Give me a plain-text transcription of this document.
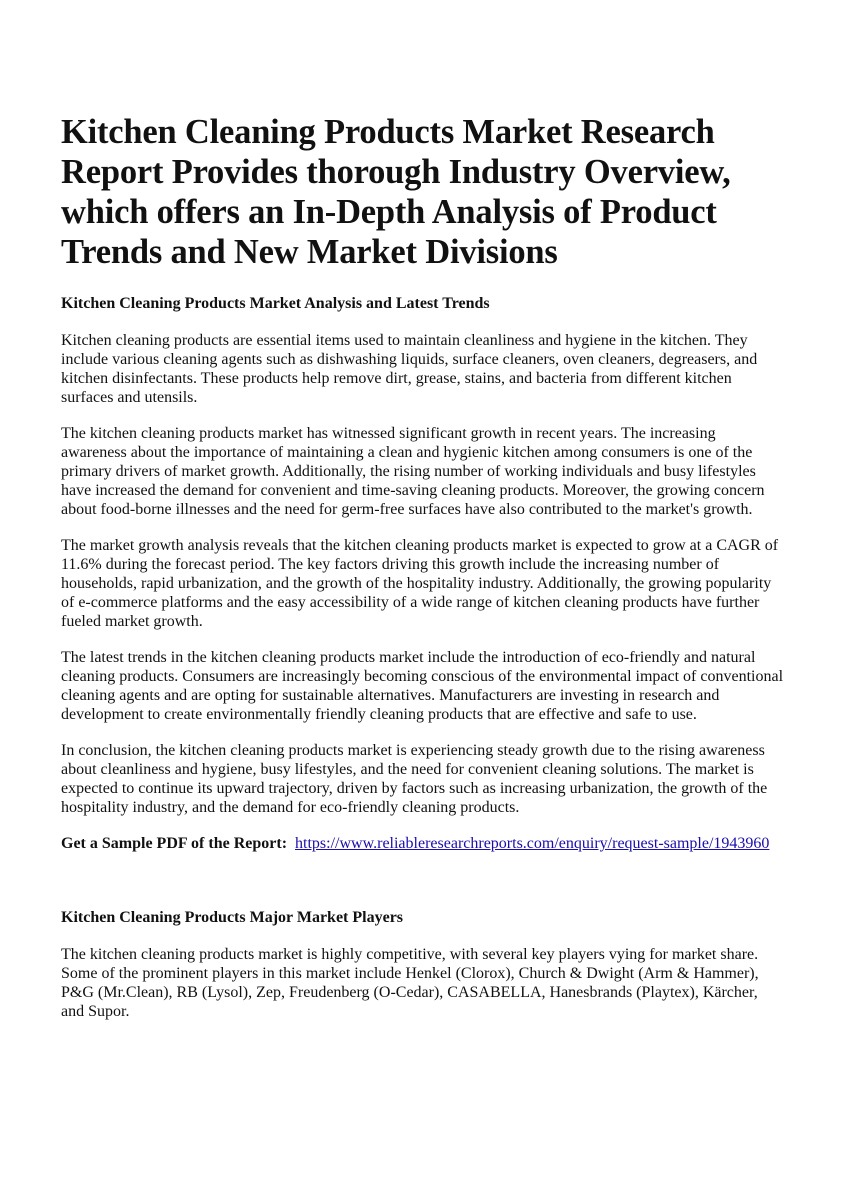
Kitchen Cleaning Products Market Research Report Provides thorough Industry Overview, which offers an In-Depth Analysis of Product Trends and New Market Divisions
Kitchen Cleaning Products Market Analysis and Latest Trends

Kitchen cleaning products are essential items used to maintain cleanliness and hygiene in the kitchen. They include various cleaning agents such as dishwashing liquids, surface cleaners, oven cleaners, degreasers, and kitchen disinfectants. These products help remove dirt, grease, stains, and bacteria from different kitchen surfaces and utensils.

The kitchen cleaning products market has witnessed significant growth in recent years. The increasing awareness about the importance of maintaining a clean and hygienic kitchen among consumers is one of the primary drivers of market growth. Additionally, the rising number of working individuals and busy lifestyles have increased the demand for convenient and time-saving cleaning products. Moreover, the growing concern about food-borne illnesses and the need for germ-free surfaces have also contributed to the market's growth.

The market growth analysis reveals that the kitchen cleaning products market is expected to grow at a CAGR of 11.6% during the forecast period. The key factors driving this growth include the increasing number of households, rapid urbanization, and the growth of the hospitality industry. Additionally, the growing popularity of e-commerce platforms and the easy accessibility of a wide range of kitchen cleaning products have further fueled market growth.

The latest trends in the kitchen cleaning products market include the introduction of eco-friendly and natural cleaning products. Consumers are increasingly becoming conscious of the environmental impact of conventional cleaning agents and are opting for sustainable alternatives. Manufacturers are investing in research and development to create environmentally friendly cleaning products that are effective and safe to use.

In conclusion, the kitchen cleaning products market is experiencing steady growth due to the rising awareness about cleanliness and hygiene, busy lifestyles, and the need for convenient cleaning solutions. The market is expected to continue its upward trajectory, driven by factors such as increasing urbanization, the growth of the hospitality industry, and the demand for eco-friendly cleaning products.

Get a Sample PDF of the Report: https://www.reliableresearchreports.com/enquiry/request-sample/1943960

Kitchen Cleaning Products Major Market Players

The kitchen cleaning products market is highly competitive, with several key players vying for market share. Some of the prominent players in this market include Henkel (Clorox), Church & Dwight (Arm & Hammer), P&G (Mr.Clean), RB (Lysol), Zep, Freudenberg (O-Cedar), CASABELLA, Hanesbrands (Playtex), Kärcher, and Supor.
